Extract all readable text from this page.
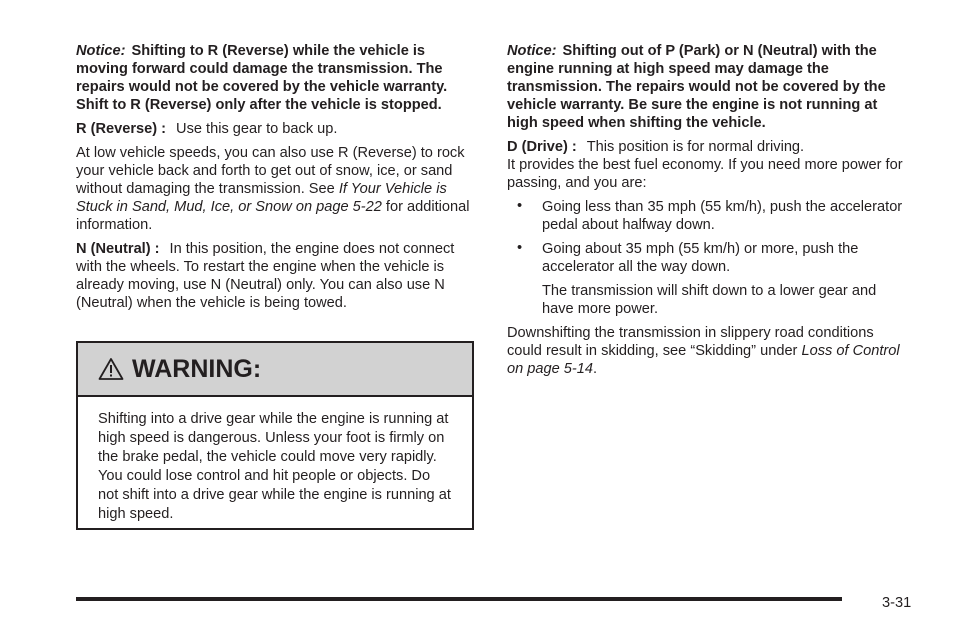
Notice: Shifting to R (Reverse) while the vehicle is moving forward could damage the transmission. The repairs would not be covered by the vehicle warranty. Shift to R (Reverse) only after the vehicle is stopped.

R (Reverse) : Use this gear to back up.

At low vehicle speeds, you can also use R (Reverse) to rock your vehicle back and forth to get out of snow, ice, or sand without damaging the transmission. See If Your Vehicle is Stuck in Sand, Mud, Ice, or Snow on page 5-22 for additional information.

N (Neutral) : In this position, the engine does not connect with the wheels. To restart the engine when the vehicle is already moving, use N (Neutral) only. You can also use N (Neutral) when the vehicle is being towed.

WARNING:
Shifting into a drive gear while the engine is running at high speed is dangerous. Unless your foot is firmly on the brake pedal, the vehicle could move very rapidly. You could lose control and hit people or objects. Do not shift into a drive gear while the engine is running at high speed.

Notice: Shifting out of P (Park) or N (Neutral) with the engine running at high speed may damage the transmission. The repairs would not be covered by the vehicle warranty. Be sure the engine is not running at high speed when shifting the vehicle.

D (Drive) : This position is for normal driving.

It provides the best fuel economy. If you need more power for passing, and you are:

• Going less than 35 mph (55 km/h), push the accelerator pedal about halfway down.

• Going about 35 mph (55 km/h) or more, push the accelerator all the way down.

The transmission will shift down to a lower gear and have more power.

Downshifting the transmission in slippery road conditions could result in skidding, see “Skidding” under Loss of Control on page 5-14.

3-31
